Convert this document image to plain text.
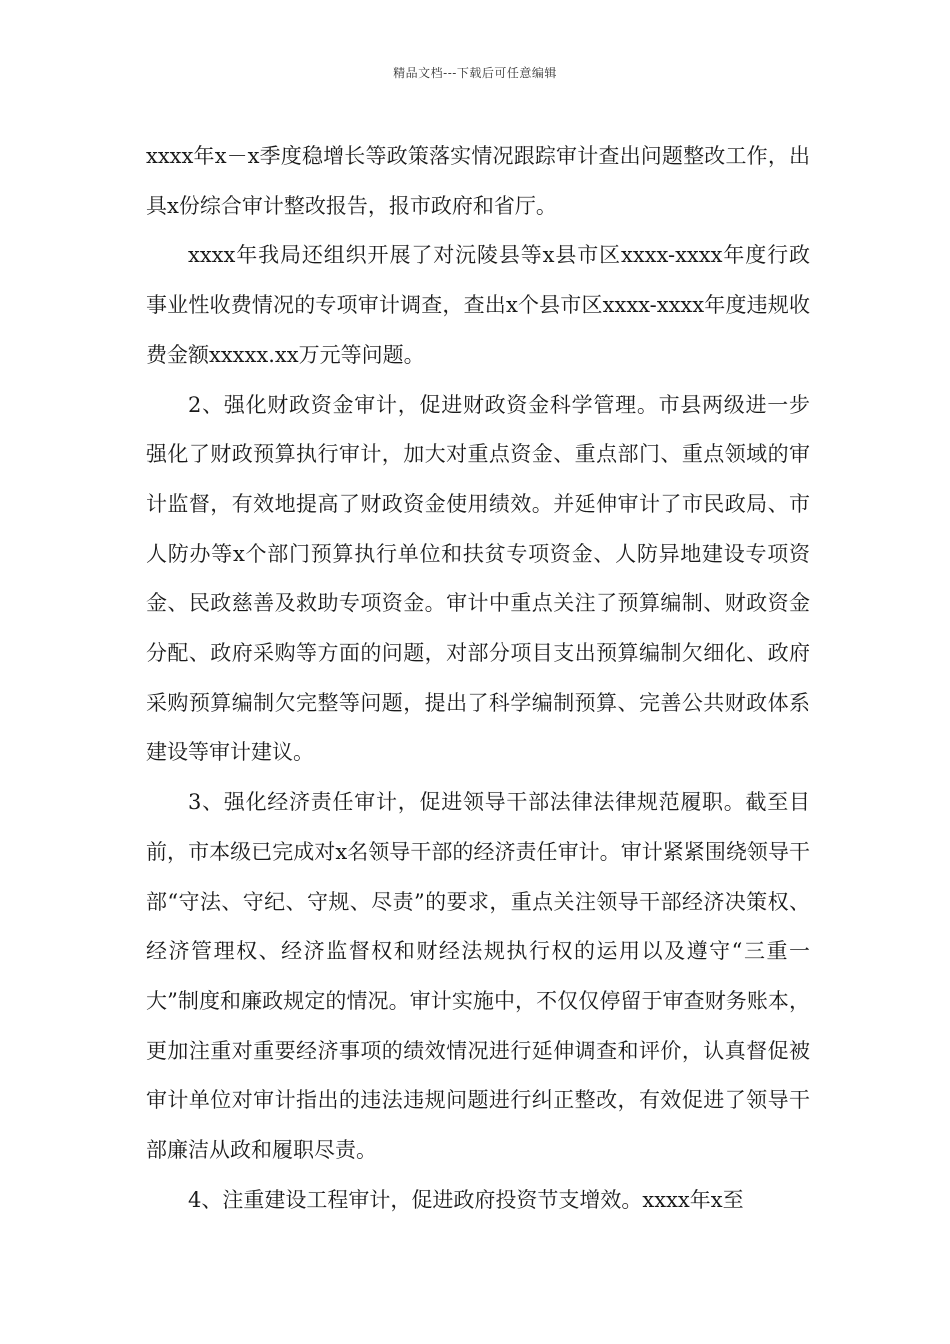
精品文档---下载后可任意编辑

xxxx年x－x季度稳增长等政策落实情况跟踪审计查出问题整改工作，出具x份综合审计整改报告，报市政府和省厅。

xxxx年我局还组织开展了对沅陵县等x县市区xxxx-xxxx年度行政事业性收费情况的专项审计调查，查出x个县市区xxxx-xxxx年度违规收费金额xxxxx.xx万元等问题。

2、强化财政资金审计，促进财政资金科学管理。市县两级进一步强化了财政预算执行审计，加大对重点资金、重点部门、重点领域的审计监督，有效地提高了财政资金使用绩效。并延伸审计了市民政局、市人防办等x个部门预算执行单位和扶贫专项资金、人防异地建设专项资金、民政慈善及救助专项资金。审计中重点关注了预算编制、财政资金分配、政府采购等方面的问题，对部分项目支出预算编制欠细化、政府采购预算编制欠完整等问题，提出了科学编制预算、完善公共财政体系建设等审计建议。

3、强化经济责任审计，促进领导干部法律法律规范履职。截至目前，市本级已完成对x名领导干部的经济责任审计。审计紧紧围绕领导干部“守法、守纪、守规、尽责”的要求，重点关注领导干部经济决策权、经济管理权、经济监督权和财经法规执行权的运用以及遵守“三重一大”制度和廉政规定的情况。审计实施中，不仅仅停留于审查财务账本，更加注重对重要经济事项的绩效情况进行延伸调查和评价，认真督促被审计单位对审计指出的违法违规问题进行纠正整改，有效促进了领导干部廉洁从政和履职尽责。

4、注重建设工程审计，促进政府投资节支增效。xxxx年x至
